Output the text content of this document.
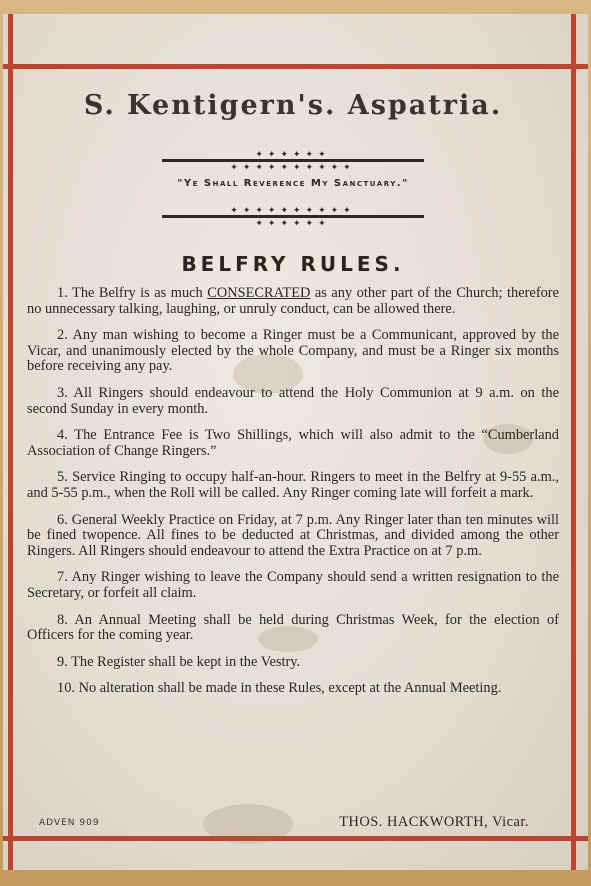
S. Kentigern's. Aspatria.
✦✦✦✦✦✦
✦✦✦✦✦✦✦✦✦✦
"Ye Shall Reverence My Sanctuary."
✦✦✦✦✦✦✦✦✦✦
✦✦✦✦✦✦
BELFRY RULES.

1. The Belfry is as much CONSECRATED as any other part of the Church; therefore no unnecessary talking, laughing, or unruly conduct, can be allowed there.

2. Any man wishing to become a Ringer must be a Communicant, approved by the Vicar, and unanimously elected by the whole Company, and must be a Ringer six months before receiving any pay.

3. All Ringers should endeavour to attend the Holy Communion at 9 a.m. on the second Sunday in every month.

4. The Entrance Fee is Two Shillings, which will also admit to the “Cumberland Association of Change Ringers.”

5. Service Ringing to occupy half-an-hour. Ringers to meet in the Belfry at 9-55 a.m., and 5-55 p.m., when the Roll will be called. Any Ringer coming late will forfeit a mark.

6. General Weekly Practice on Friday, at 7 p.m. Any Ringer later than ten minutes will be fined twopence. All fines to be deducted at Christmas, and divided among the other Ringers. All Ringers should endeavour to attend the Extra Practice on at 7 p.m.

7. Any Ringer wishing to leave the Company should send a written resignation to the Secretary, or forfeit all claim.

8. An Annual Meeting shall be held during Christmas Week, for the election of Officers for the coming year.

9. The Register shall be kept in the Vestry.

10. No alteration shall be made in these Rules, except at the Annual Meeting.

ADVEN 909	THOS. HACKWORTH, Vicar.
